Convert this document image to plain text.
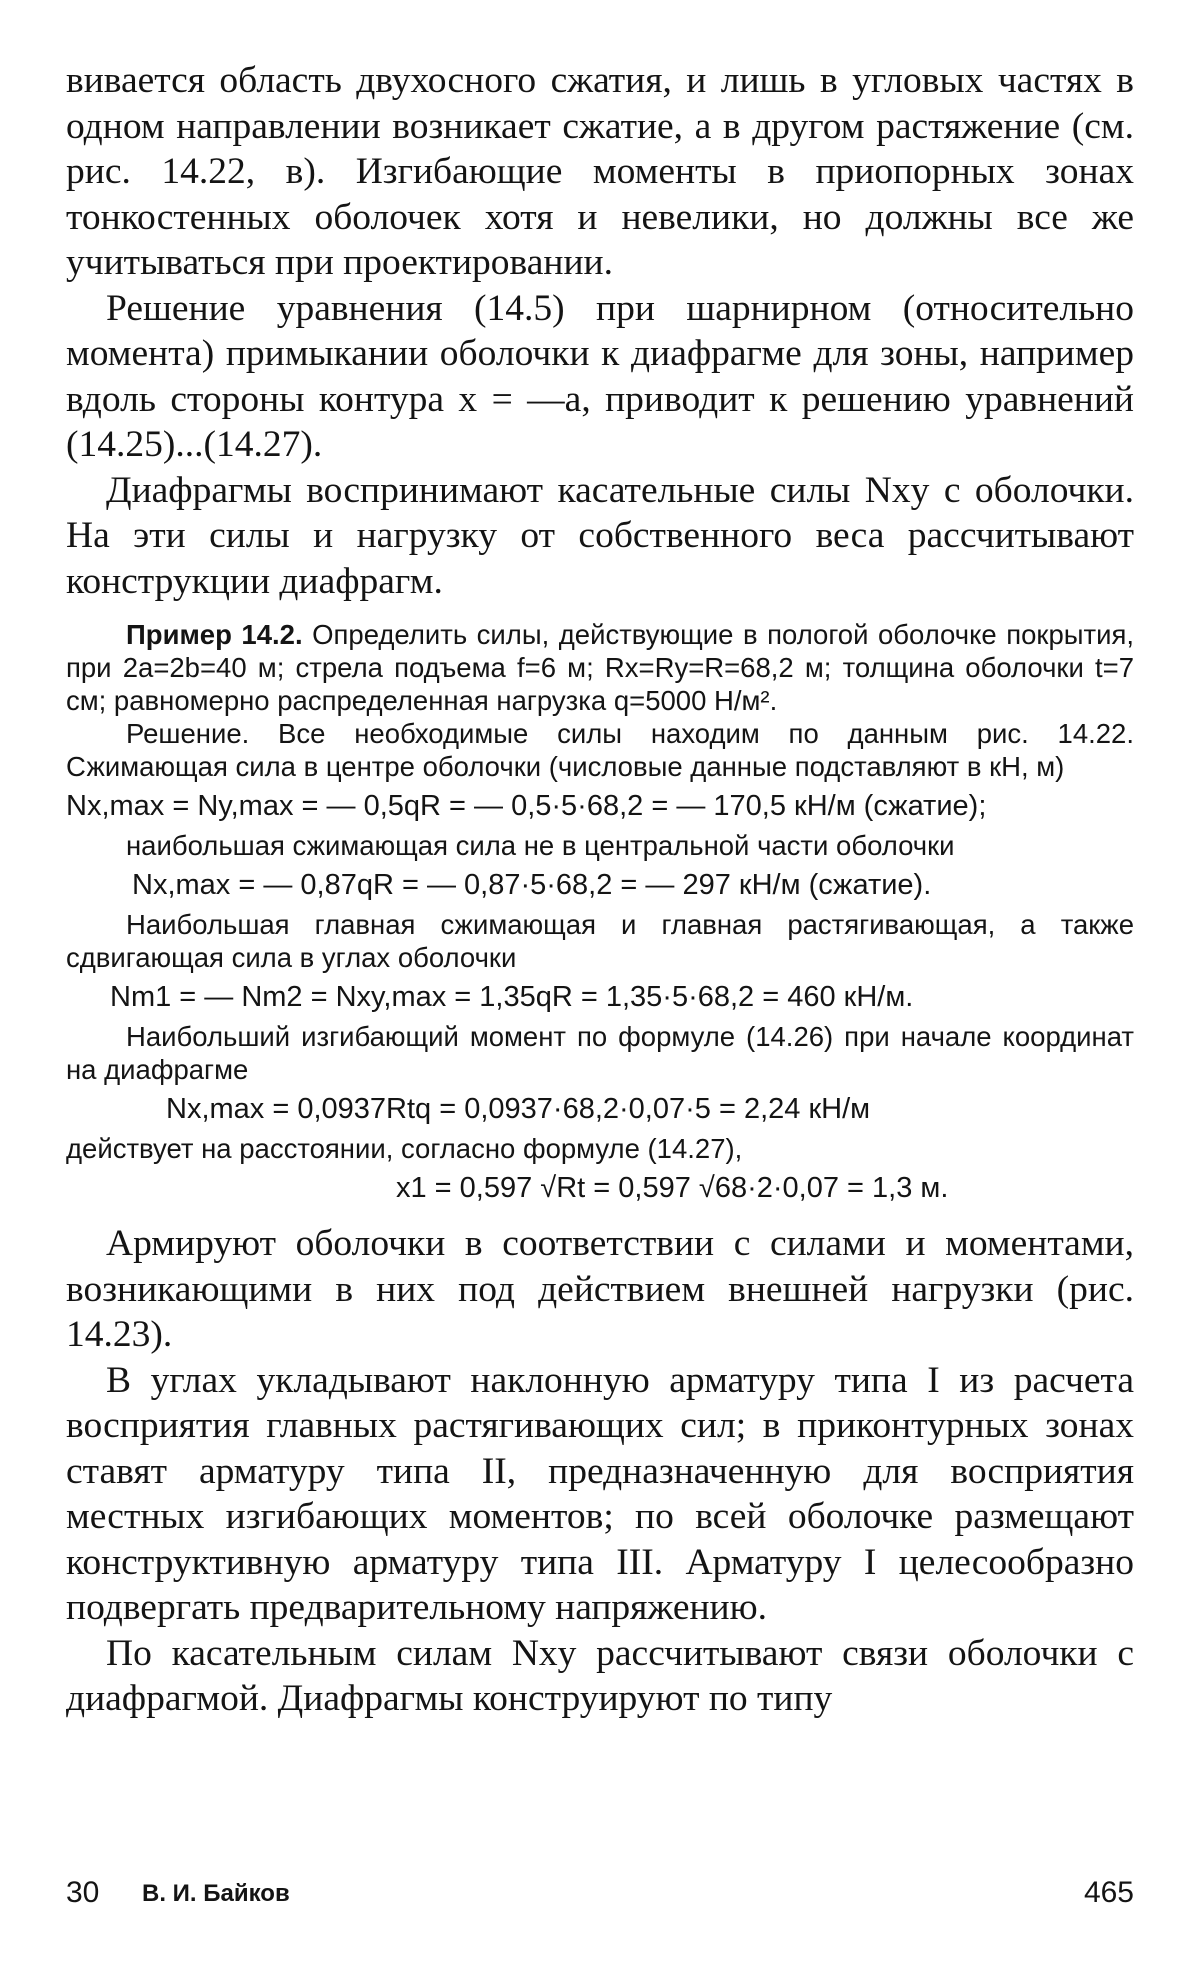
вивается область двухосного сжатия, и лишь в угловых частях в одном направлении возникает сжатие, а в другом растяжение (см. рис. 14.22, в). Изгибающие моменты в приопорных зонах тонкостенных оболочек хотя и невелики, но должны все же учитываться при проектировании.

Решение уравнения (14.5) при шарнирном (относительно момента) примыкании оболочки к диафрагме для зоны, например вдоль стороны контура x = —a, приводит к решению уравнений (14.25)...(14.27).

Диафрагмы воспринимают касательные силы Nxy с оболочки. На эти силы и нагрузку от собственного веса рассчитывают конструкции диафрагм.

Пример 14.2. Определить силы, действующие в пологой оболочке покрытия, при 2a=2b=40 м; стрела подъема f=6 м; Rx=Ry=R=68,2 м; толщина оболочки t=7 см; равномерно распределенная нагрузка q=5000 Н/м².

Решение. Все необходимые силы находим по данным рис. 14.22. Сжимающая сила в центре оболочки (числовые данные подставляют в кН, м)

Nx,max = Ny,max = — 0,5qR = — 0,5·5·68,2 = — 170,5 кН/м (сжатие);

наибольшая сжимающая сила не в центральной части оболочки

Nx,max = — 0,87qR = — 0,87·5·68,2 = — 297 кН/м (сжатие).

Наибольшая главная сжимающая и главная растягивающая, а также сдвигающая сила в углах оболочки

Nm1 = — Nm2 = Nxy,max = 1,35qR = 1,35·5·68,2 = 460 кН/м.

Наибольший изгибающий момент по формуле (14.26) при начале координат на диафрагме

Nx,max = 0,0937Rtq = 0,0937·68,2·0,07·5 = 2,24 кН/м

действует на расстоянии, согласно формуле (14.27),

x1 = 0,597 √Rt = 0,597 √68·2·0,07 = 1,3 м.

Армируют оболочки в соответствии с силами и моментами, возникающими в них под действием внешней нагрузки (рис. 14.23).

В углах укладывают наклонную арматуру типа I из расчета восприятия главных растягивающих сил; в приконтурных зонах ставят арматуру типа II, предназначенную для восприятия местных изгибающих моментов; по всей оболочке размещают конструктивную арматуру типа III. Арматуру I целесообразно подвергать предварительному напряжению.

По касательным силам Nxy рассчитывают связи оболочки с диафрагмой. Диафрагмы конструируют по типу

30 В. И. Байков	465
